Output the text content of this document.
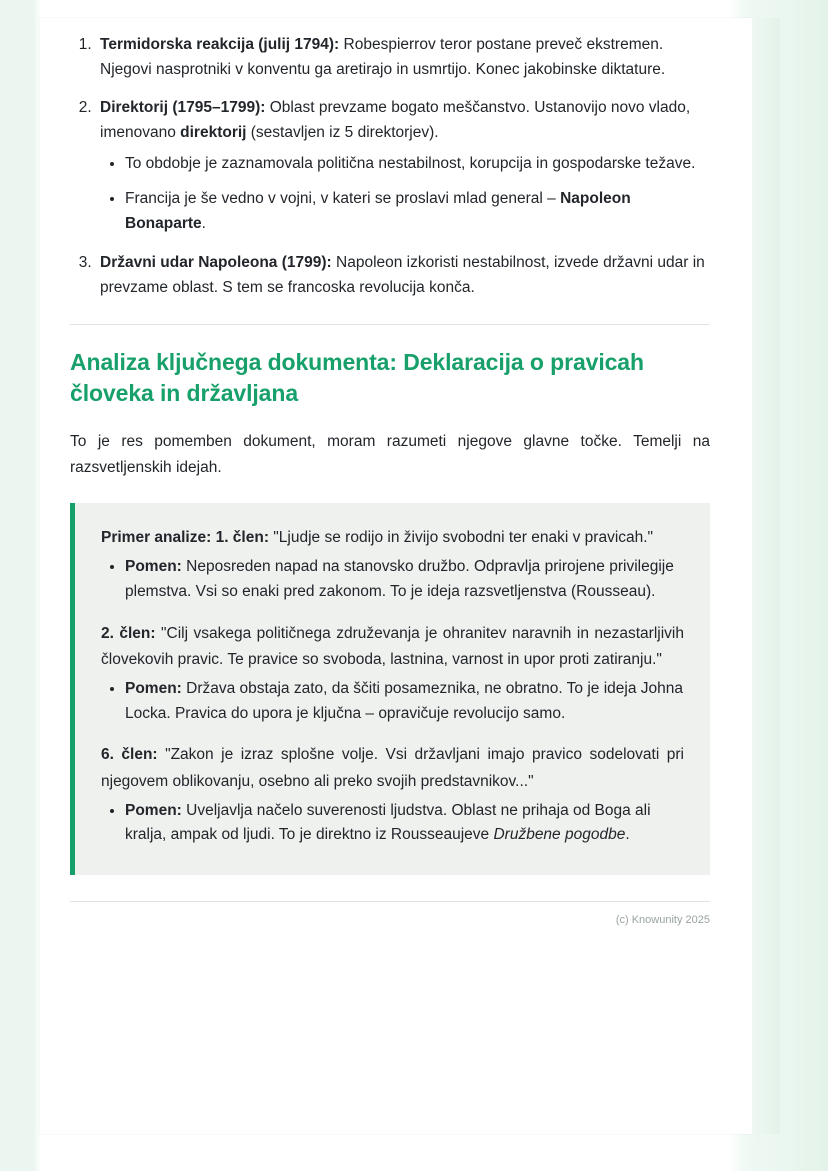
1. Termidorska reakcija (julij 1794): Robespierrov teror postane preveč ekstremen. Njegovi nasprotniki v konventu ga aretirajo in usmrtijo. Konec jakobinske diktature.
2. Direktorij (1795–1799): Oblast prevzame bogato meščanstvo. Ustanovijo novo vlado, imenovano direktorij (sestavljen iz 5 direktorjev).
• To obdobje je zaznamovala politična nestabilnost, korupcija in gospodarske težave.
• Francija je še vedno v vojni, v kateri se proslavi mlad general – Napoleon Bonaparte.
3. Državni udar Napoleona (1799): Napoleon izkoristi nestabilnost, izvede državni udar in prevzame oblast. S tem se francoska revolucija konča.
Analiza ključnega dokumenta: Deklaracija o pravicah človeka in državljana

To je res pomemben dokument, moram razumeti njegove glavne točke. Temelji na razsvetljenskih idejah.

Primer analize: 1. člen: "Ljudje se rodijo in živijo svobodni ter enaki v pravicah."

• Pomen: Neposreden napad na stanovsko družbo. Odpravlja prirojene privilegije plemstva. Vsi so enaki pred zakonom. To je ideja razsvetljenstva (Rousseau).

2. člen: "Cilj vsakega političnega združevanja je ohranitev naravnih in nezastarljivih človekovih pravic. Te pravice so svoboda, lastnina, varnost in upor proti zatiranju."

• Pomen: Država obstaja zato, da ščiti posameznika, ne obratno. To je ideja Johna Locka. Pravica do upora je ključna – opravičuje revolucijo samo.

6. člen: "Zakon je izraz splošne volje. Vsi državljani imajo pravico sodelovati pri njegovem oblikovanju, osebno ali preko svojih predstavnikov..."

• Pomen: Uveljavlja načelo suverenosti ljudstva. Oblast ne prihaja od Boga ali kralja, ampak od ljudi. To je direktno iz Rousseaujeve Družbene pogodbe.
(c) Knowunity 2025
